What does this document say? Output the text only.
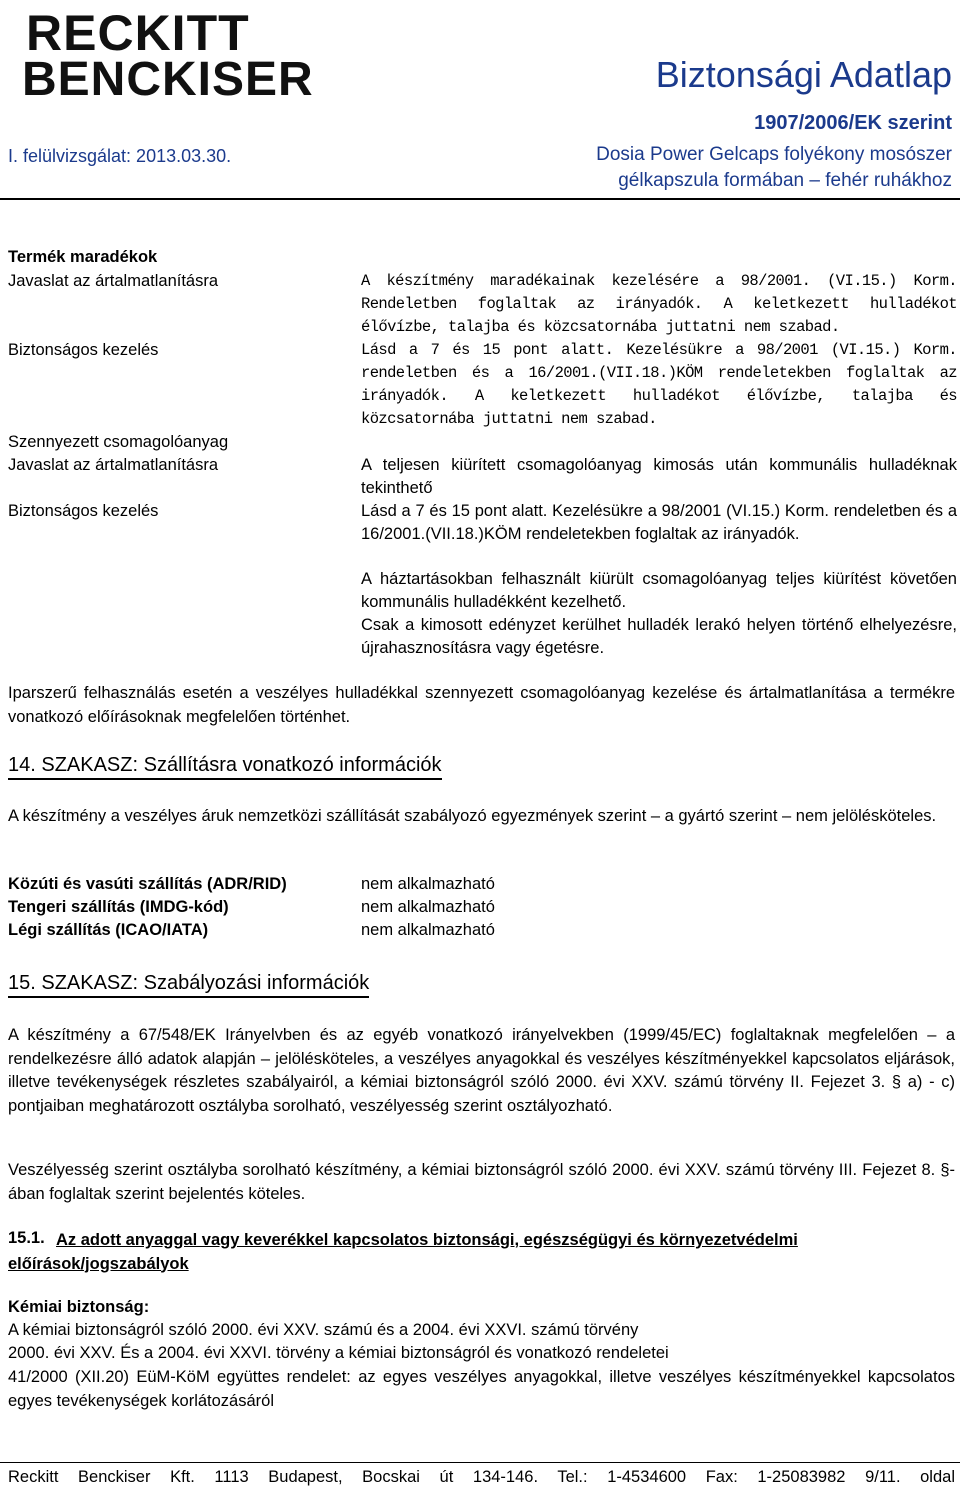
RECKITT
BENCKISER
I. felülvizsgálat: 2013.03.30.
Biztonsági Adatlap
1907/2006/EK szerint
Dosia Power Gelcaps folyékony mosószer
gélkapszula formában – fehér ruhákhoz
Termék maradékok
Javaslat az ártalmatlanításra	A készítmény maradékainak kezelésére a 98/2001. (VI.15.) Korm. Rendeletben foglaltak az irányadók. A keletkezett hulladékot élővízbe, talajba és közcsatornába juttatni nem szabad.
Biztonságos kezelés	Lásd a 7 és 15 pont alatt. Kezelésükre a 98/2001 (VI.15.) Korm. rendeletben és a 16/2001.(VII.18.)KÖM rendeletekben foglaltak az irányadók. A keletkezett hulladékot élővízbe, talajba és közcsatornába juttatni nem szabad.
Szennyezett csomagolóanyag
Javaslat az ártalmatlanításra	A teljesen kiürített csomagolóanyag kimosás után kommunális hulladéknak tekinthető
Biztonságos kezelés	Lásd a 7 és 15 pont alatt. Kezelésükre a 98/2001 (VI.15.) Korm. rendeletben és a 16/2001.(VII.18.)KÖM rendeletekben foglaltak az irányadók.
A háztartásokban felhasznált kiürült csomagolóanyag teljes kiürítést követően kommunális hulladékként kezelhető.
Csak a kimosott edényzet kerülhet hulladék lerakó helyen történő elhelyezésre, újrahasznosításra vagy égetésre.
Iparszerű felhasználás esetén a veszélyes hulladékkal szennyezett csomagolóanyag kezelése és ártalmatlanítása a termékre vonatkozó előírásoknak megfelelően történhet.
14. SZAKASZ: Szállításra vonatkozó információk
A készítmény a veszélyes áruk nemzetközi szállítását szabályozó egyezmények szerint – a gyártó szerint – nem jelölésköteles.
Közúti és vasúti szállítás (ADR/RID)	nem alkalmazható
Tengeri szállítás (IMDG-kód)	nem alkalmazható
Légi szállítás (ICAO/IATA)	nem alkalmazható
15. SZAKASZ: Szabályozási információk
A készítmény a 67/548/EK Irányelvben és az egyéb vonatkozó irányelvekben (1999/45/EC) foglaltaknak megfelelően – a rendelkezésre álló adatok alapján – jelölésköteles, a veszélyes anyagokkal és veszélyes készítményekkel kapcsolatos eljárások, illetve tevékenységek részletes szabályairól, a kémiai biztonságról szóló 2000. évi XXV. számú törvény II. Fejezet 3. § a) - c) pontjaiban meghatározott osztályba sorolható, veszélyesség szerint osztályozható.
Veszélyesség szerint osztályba sorolható készítmény, a kémiai biztonságról szóló 2000. évi XXV. számú törvény III. Fejezet 8. §-ában foglaltak szerint bejelentés köteles.
15.1. Az adott anyaggal vagy keverékkel kapcsolatos biztonsági, egészségügyi és környezetvédelmi előírások/jogszabályok
Kémiai biztonság:
A kémiai biztonságról szóló 2000. évi XXV. számú és a 2004. évi XXVI. számú törvény
2000. évi XXV. És a 2004. évi XXVI. törvény a kémiai biztonságról és vonatkozó rendeletei
41/2000 (XII.20) EüM-KöM együttes rendelet: az egyes veszélyes anyagokkal, illetve veszélyes készítményekkel kapcsolatos egyes tevékenységek korlátozásáról
Reckitt Benckiser Kft. 1113 Budapest, Bocskai út 134-146. Tel.: 1-4534600 Fax: 1-25083982 9/11. oldal
